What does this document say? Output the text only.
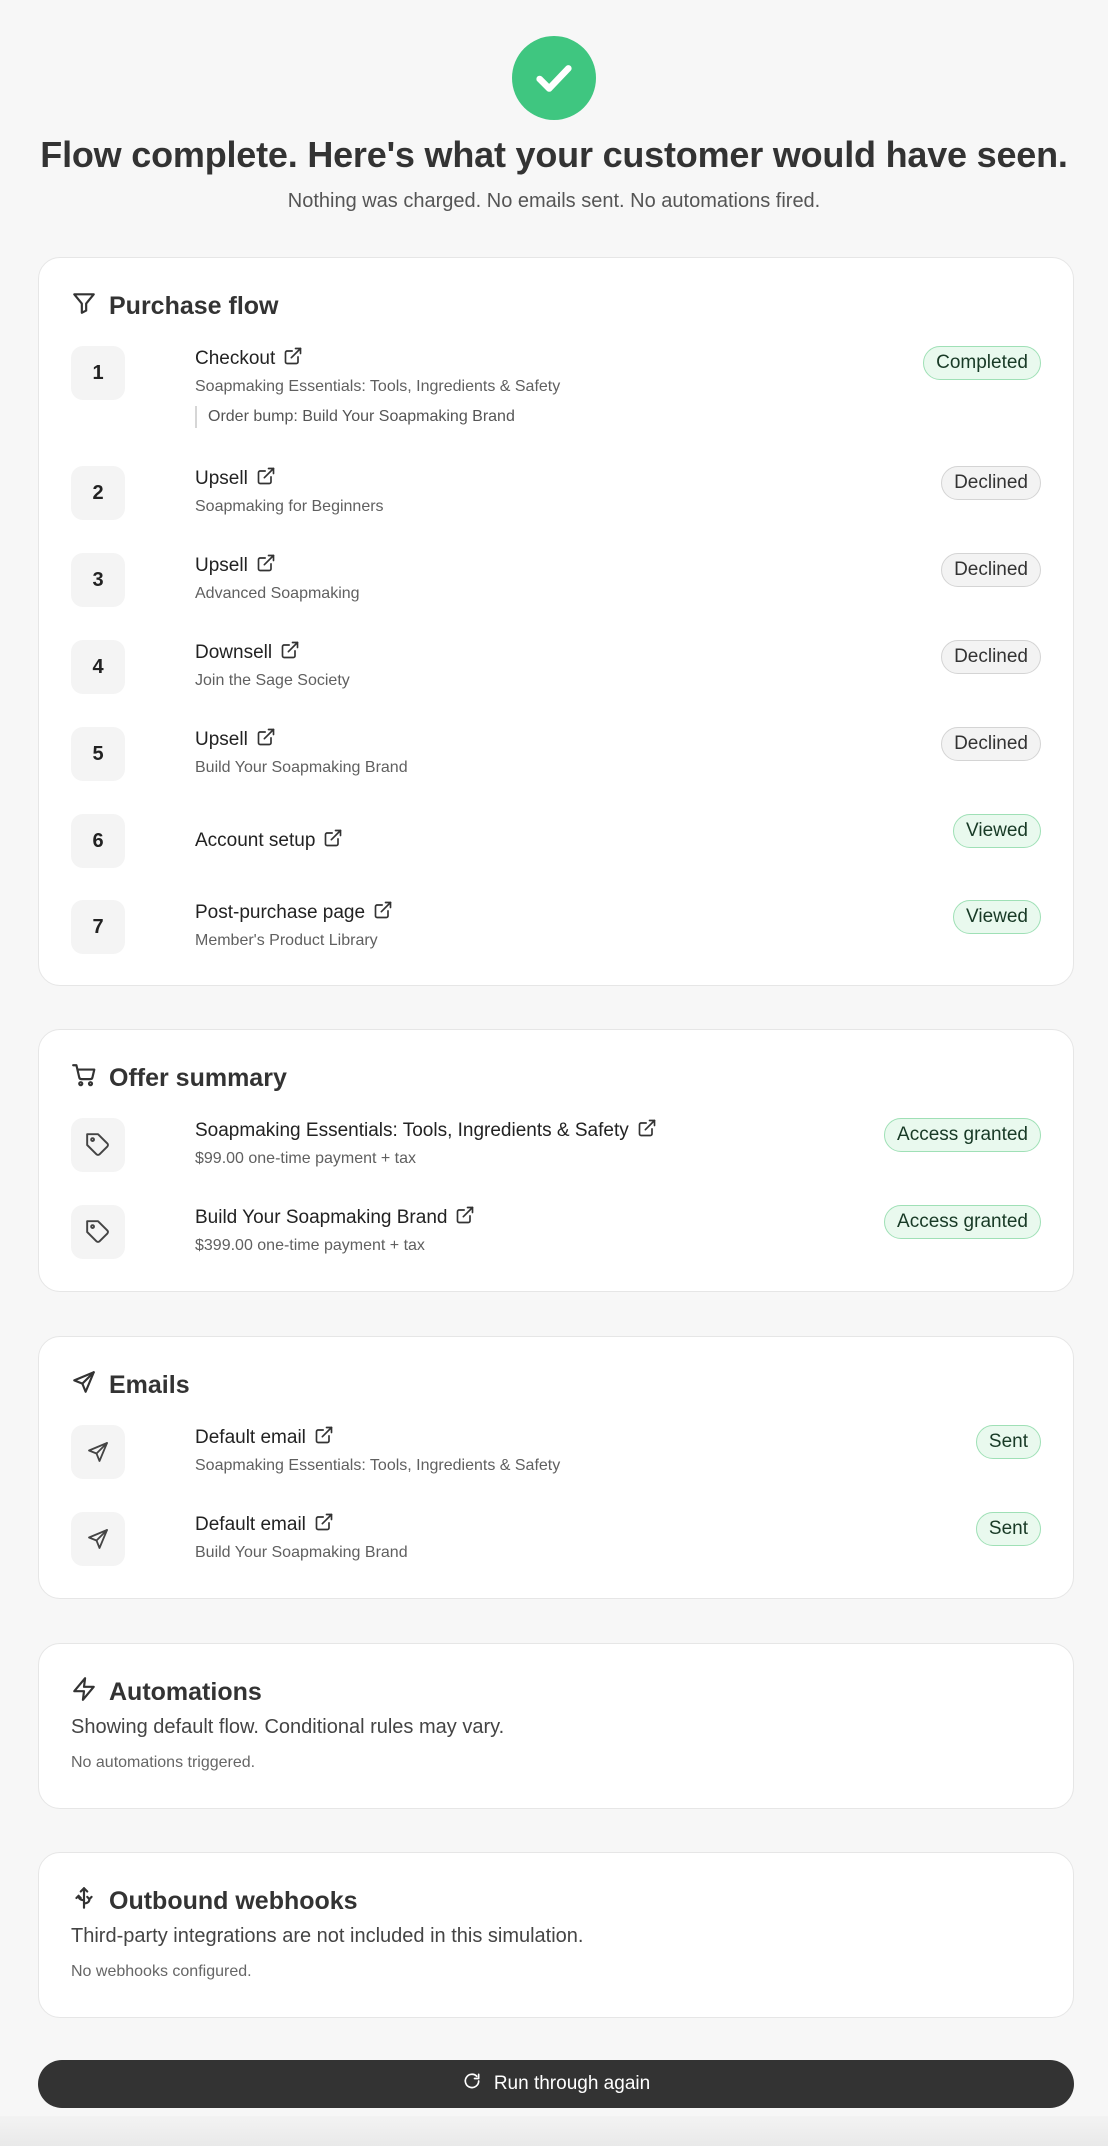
Flow complete. Here's what your customer would have seen.
Nothing was charged. No emails sent. No automations fired.
Purchase flow
1
Checkout
Soapmaking Essentials: Tools, Ingredients & Safety
Order bump: Build Your Soapmaking Brand
Completed
2
Upsell
Soapmaking for Beginners
Declined
3
Upsell
Advanced Soapmaking
Declined
4
Downsell
Join the Sage Society
Declined
5
Upsell
Build Your Soapmaking Brand
Declined
6	Account setup	Viewed
7
Post-purchase page
Member's Product Library
Viewed
Offer summary
Soapmaking Essentials: Tools, Ingredients & Safety
$99.00 one-time payment + tax
Access granted
Build Your Soapmaking Brand
$399.00 one-time payment + tax
Access granted
Emails
Default email
Soapmaking Essentials: Tools, Ingredients & Safety
Sent
Default email
Build Your Soapmaking Brand
Sent
Automations
Showing default flow. Conditional rules may vary.
No automations triggered.
Outbound webhooks
Third-party integrations are not included in this simulation.
No webhooks configured.
Run through again
